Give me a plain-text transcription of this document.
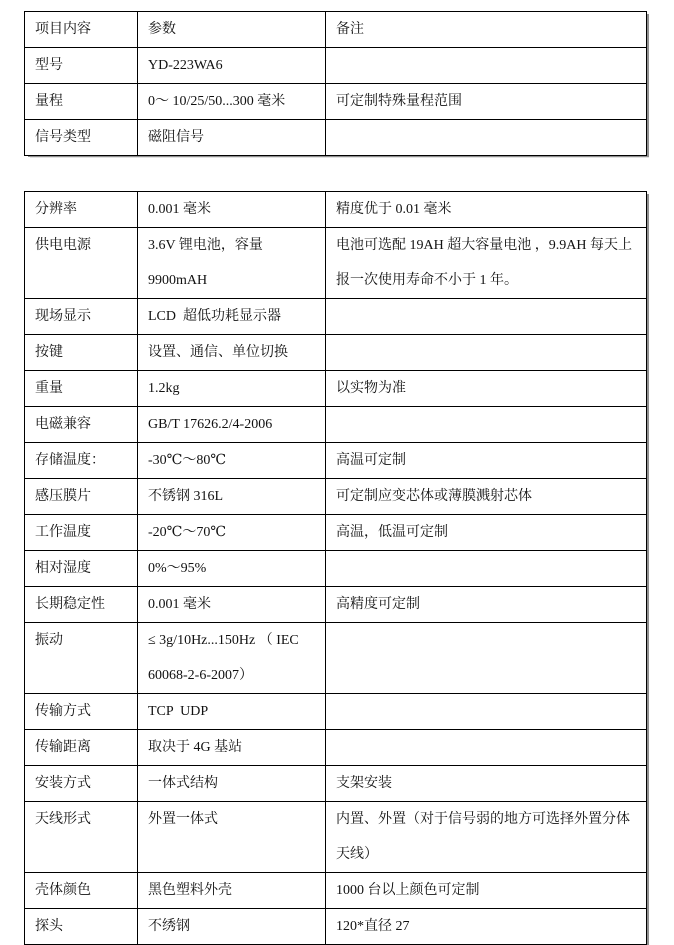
项目内容	参数	备注
型号	YD-223WA6	
量程	0～ 10/25/50...300 毫米	可定制特殊量程范围
信号类型	磁阻信号	
分辨率	0.001 毫米	精度优于 0.01 毫米
供电电源	3.6V 锂电池，容量 9900mAH	电池可选配 19AH 超大容量电池 ，9.9AH 每天上报一次使用寿命不小于 1 年。
现场显示	LCD  超低功耗显示器	
按键	设置、通信、单位切换	
重量	1.2kg	以实物为准
电磁兼容	GB/T 17626.2/4-2006	
存储温度：	-30℃～80℃	高温可定制
感压膜片	不锈钢 316L	可定制应变芯体或薄膜溅射芯体
工作温度	-20℃～70℃	高温，低温可定制
相对湿度	0%～95%	
长期稳定性	0.001 毫米	高精度可定制
振动	≤ 3g/10Hz...150Hz （ IEC 60068-2-6-2007）	
传输方式	TCP  UDP	
传输距离	取决于 4G 基站	
安装方式	一体式结构	支架安装
天线形式	外置一体式	内置、外置（对于信号弱的地方可选择外置分体天线）
壳体颜色	黑色塑料外壳	1000 台以上颜色可定制
探头	不绣钢	120*直径 27
